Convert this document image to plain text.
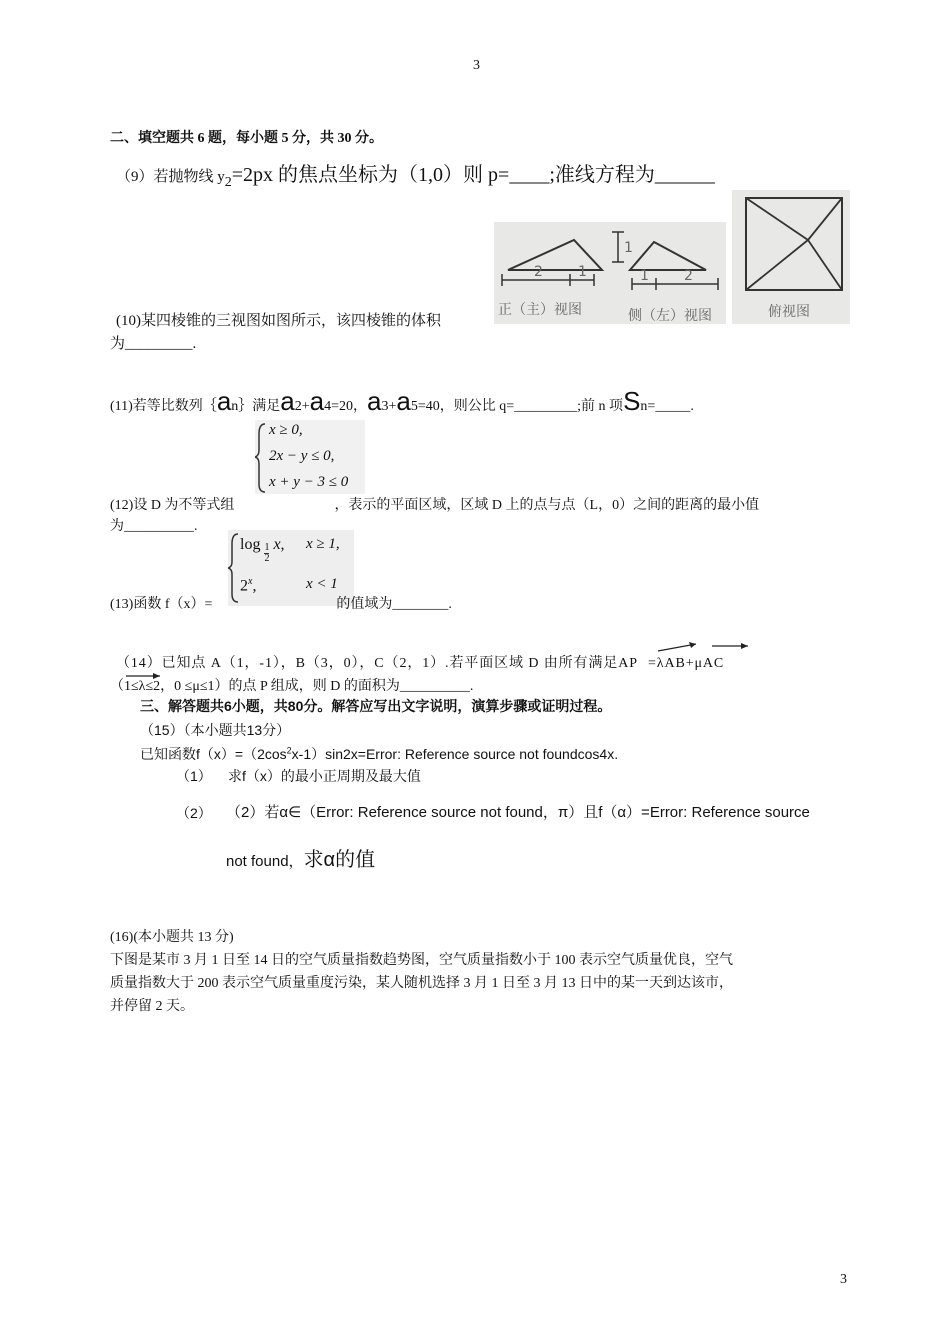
3
二、填空题共 6 题，每小题 5 分，共 30 分。
（9）若抛物线 $y_2=2px$ 的焦点坐标为（1,0）则 p=____;准线方程为______
2	1
1
1	2
正（主）视图	侧（左）视图	俯视图
(10)某四棱锥的三视图如图所示，该四棱锥的体积
为_________.
(11)若等比数列｛an｝满足a2+a4=20，a3+a5=40，则公比 q=_________;前 n 项Sn=_____.
x ≥ 0,
2x − y ≤ 0,
x + y − 3 ≤ 0
(12)设 D 为不等式组	，表示的平面区域，区域 D 上的点与点（L，0）之间的距离的最小值
为__________.
$\log \frac{1}{2} x$, x ≥ 1,
2$^x$,	x < 1
(13)函数 f（x）=	的值域为________.
（14）已知点 A（1，-1），B（3，0），C（2，1）.若平面区域 D 由所有满足AP =λAB+μAC
（1≤λ≤2，0 ≤μ≤1）的点 P 组成，则 D 的面积为__________.
三、解答题共6小题，共80分。解答应写出文字说明，演算步骤或证明过程。
（15）（本小题共13分）
已知函数$f(x)=(2\cos^2x-1)\sin 2x=Error$: Reference source not foundcos4x.
（1） 求f（x）的最小正周期及最大值
（2） （2）若α∈（Error: Reference source not found，π）且f（α）=Error: Reference source
not found，求α的值
(16)(本小题共 13 分)
下图是某市 3 月 1 日至 14 日的空气质量指数趋势图，空气质量指数小于 100 表示空气质量优良，空气
质量指数大于 200 表示空气质量重度污染，某人随机选择 3 月 1 日至 3 月 13 日中的某一天到达该市，
并停留 2 天。
3
